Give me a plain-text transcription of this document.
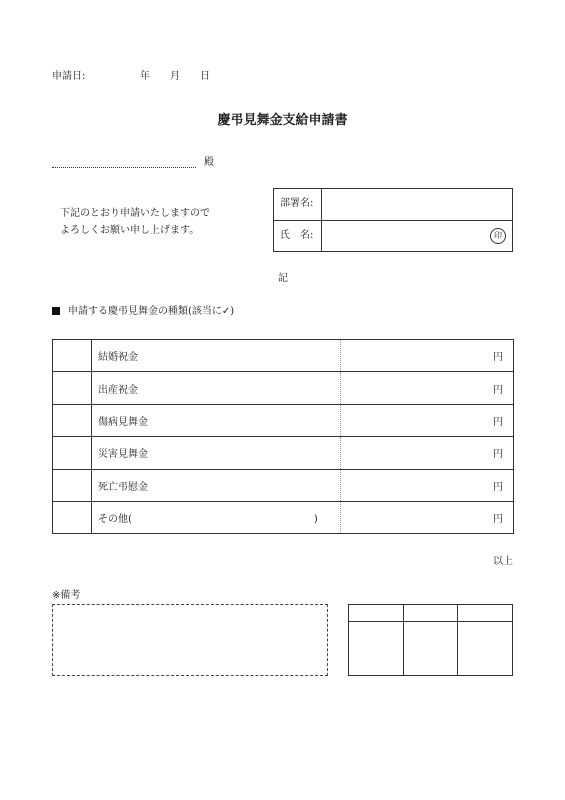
申請日:	年 月 日
慶弔見舞金支給申請書
殿
下記のとおり申請いたしますので
よろしくお願い申し上げます。
部署名:
氏　名:	印
記
申請する慶弔見舞金の種類(該当に✓)
	結婚祝金	円
	出産祝金	円
	傷病見舞金	円
	災害見舞金	円
	死亡弔慰金	円
	その他( )	円
以上
※備考
